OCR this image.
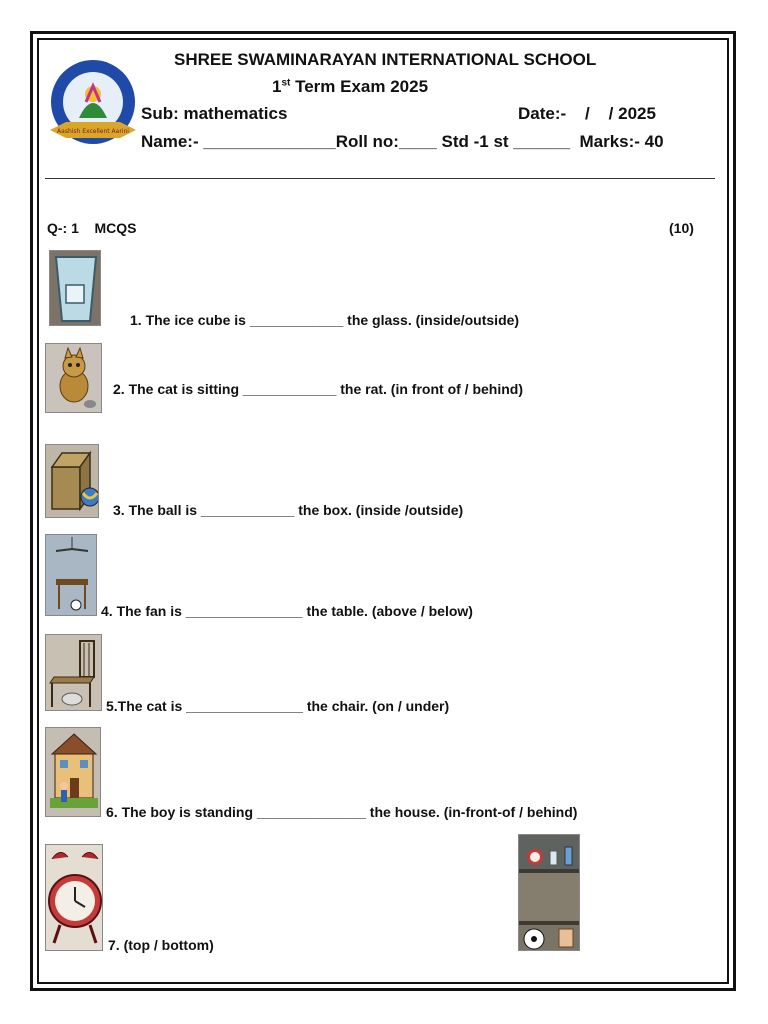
Aashish Excellent Aarini
SHREE SWAMINARAYAN INTERNATIONAL SCHOOL
1st Term Exam 2025
Sub: mathematics	Date:-    /    / 2025
Name:- ______________Roll no:____ Std -1 st ______  Marks:- 40
Q-: 1    MCQS	(10)
1. The ice cube is ____________ the glass. (inside/outside)
2. The cat is sitting ____________ the rat. (in front of / behind)
3. The ball is ____________ the box. (inside /outside)
4. The fan is _______________ the table. (above / below)
5.The cat is _______________ the chair. (on / under)
6. The boy is standing ______________ the house. (in-front-of / behind)
7. (top / bottom)
